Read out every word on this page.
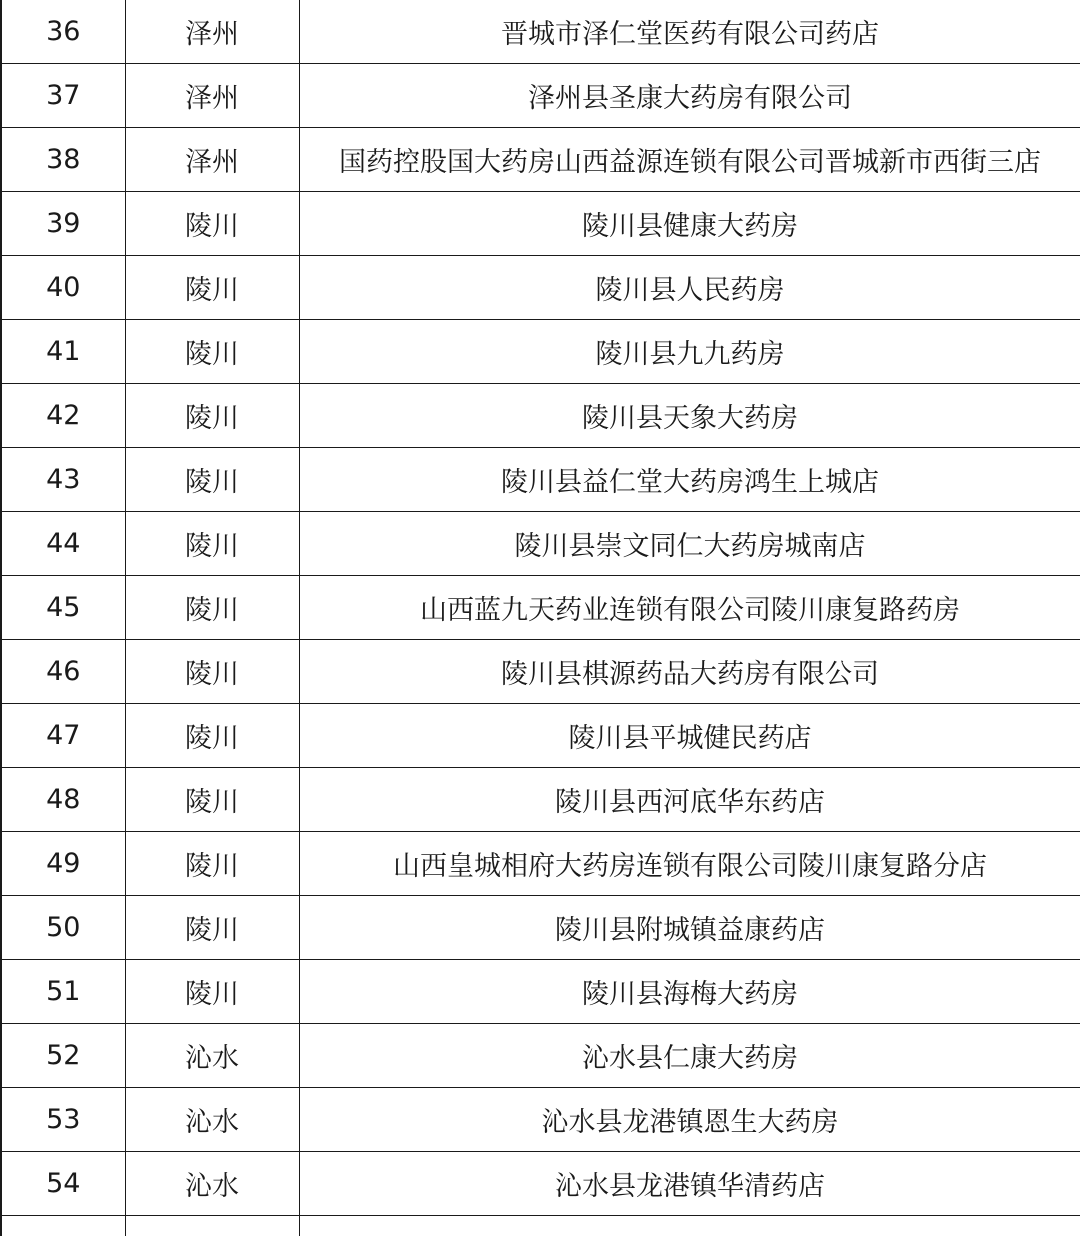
36	泽州	晋城市泽仁堂医药有限公司药店
37	泽州	泽州县圣康大药房有限公司
38	泽州	国药控股国大药房山西益源连锁有限公司晋城新市西街三店
39	陵川	陵川县健康大药房
40	陵川	陵川县人民药房
41	陵川	陵川县九九药房
42	陵川	陵川县天象大药房
43	陵川	陵川县益仁堂大药房鸿生上城店
44	陵川	陵川县崇文同仁大药房城南店
45	陵川	山西蓝九天药业连锁有限公司陵川康复路药房
46	陵川	陵川县棋源药品大药房有限公司
47	陵川	陵川县平城健民药店
48	陵川	陵川县西河底华东药店
49	陵川	山西皇城相府大药房连锁有限公司陵川康复路分店
50	陵川	陵川县附城镇益康药店
51	陵川	陵川县海梅大药房
52	沁水	沁水县仁康大药房
53	沁水	沁水县龙港镇恩生大药房
54	沁水	沁水县龙港镇华清药店
